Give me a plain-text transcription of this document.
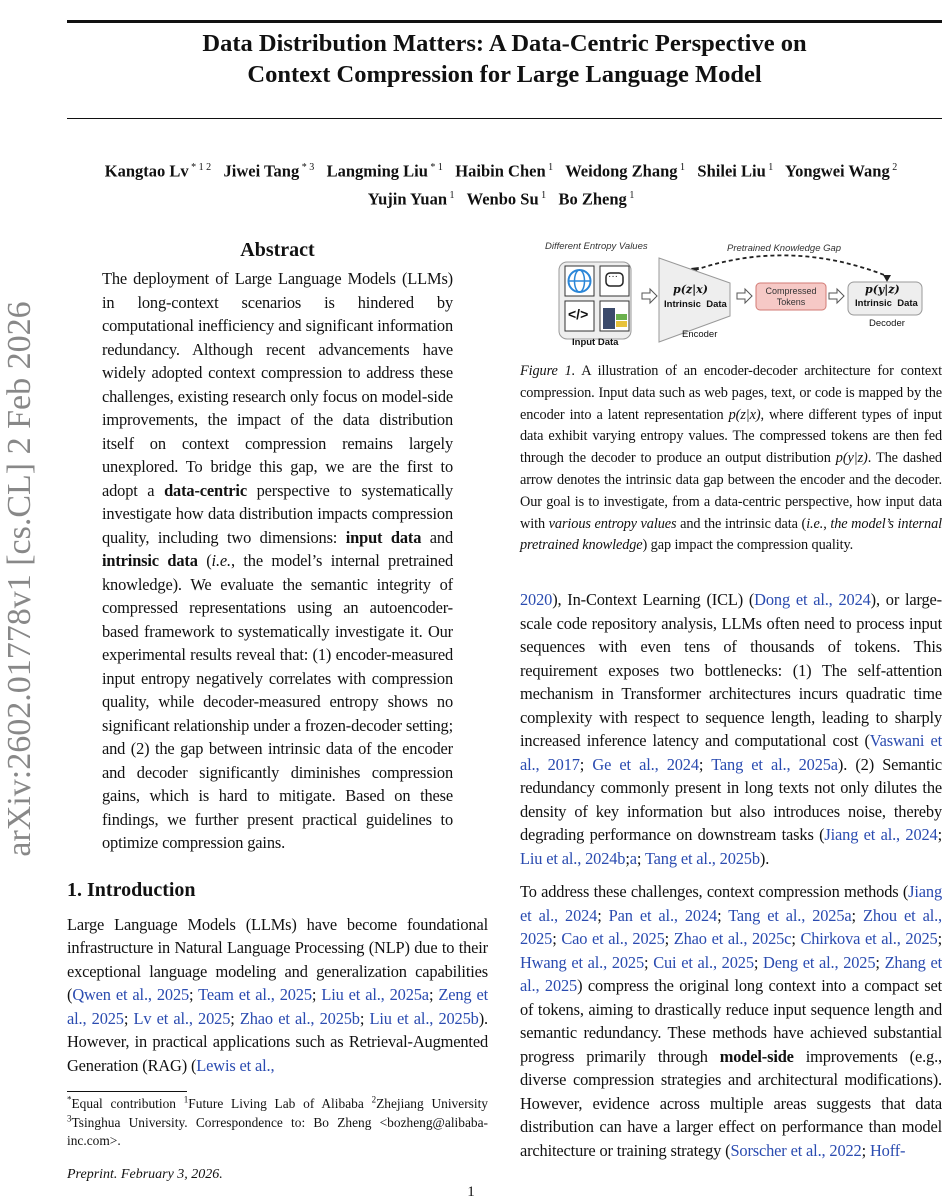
Data Distribution Matters: A Data-Centric Perspective on
Context Compression for Large Language Model
Kangtao Lv $^{* 1 2}$ Jiwei Tang $^{* 3}$ Langming Liu $^{* 1}$ Haibin Chen $^1$ Weidong Zhang $^1$ Shilei Liu $^1$ Yongwei Wang $^2$
Yujin Yuan $^1$ Wenbo Su $^1$ Bo Zheng $^1$
arXiv:2602.01778v1 [cs.CL] 2 Feb 2026
Abstract

The deployment of Large Language Models (LLMs) in long-context scenarios is hindered by computational inefficiency and significant information redundancy. Although recent advancements have widely adopted context compression to address these challenges, existing research only focus on model-side improvements, the impact of the data distribution itself on context compression remains largely unexplored. To bridge this gap, we are the first to adopt a data-centric perspective to systematically investigate how data distribution impacts compression quality, including two dimensions: input data and intrinsic data (i.e., the model’s internal pretrained knowledge). We evaluate the semantic integrity of compressed representations using an autoencoder-based framework to systematically investigate it. Our experimental results reveal that: (1) encoder-measured input entropy negatively correlates with compression quality, while decoder-measured entropy shows no significant relationship under a frozen-decoder setting; and (2) the gap between intrinsic data of the encoder and decoder significantly diminishes compression gains, which is hard to mitigate. Based on these findings, we further present practical guidelines to optimize compression gains.

1. Introduction

Large Language Models (LLMs) have become foundational infrastructure in Natural Language Processing (NLP) due to their exceptional language modeling and generalization capabilities (Qwen et al., 2025; Team et al., 2025; Liu et al., 2025a; Zeng et al., 2025; Lv et al., 2025; Zhao et al., 2025b; Liu et al., 2025b). However, in practical applications such as Retrieval-Augmented Generation (RAG) (Lewis et al.,

*Equal contribution $^1$Future Living Lab of Alibaba $^2$Zhejiang University $^3$Tsinghua University. Correspondence to: Bo Zheng <bozheng@alibaba-inc.com>.
Preprint. February 3, 2026.
Different Entropy Values	Pretrained Knowledge Gap
···
</>
Input Data
p(z|x)
Intrinsic  Data
Encoder
Compressed
Tokens
p(y|z)
Intrinsic  Data
Decoder
Figure 1. A illustration of an encoder-decoder architecture for context compression. Input data such as web pages, text, or code is mapped by the encoder into a latent representation p(z|x), where different types of input data exhibit varying entropy values. The compressed tokens are then fed through the decoder to produce an output distribution p(y|z). The dashed arrow denotes the intrinsic data gap between the encoder and the decoder. Our goal is to investigate, from a data-centric perspective, how input data with various entropy values and the intrinsic data (i.e., the model’s internal pretrained knowledge) gap impact the compression quality.

2020), In-Context Learning (ICL) (Dong et al., 2024), or large-scale code repository analysis, LLMs often need to process input sequences with even tens of thousands of tokens. This requirement exposes two bottlenecks: (1) The self-attention mechanism in Transformer architectures incurs quadratic time complexity with respect to sequence length, leading to sharply increased inference latency and computational cost (Vaswani et al., 2017; Ge et al., 2024; Tang et al., 2025a). (2) Semantic redundancy commonly present in long texts not only dilutes the density of key information but also introduces noise, thereby degrading performance on downstream tasks (Jiang et al., 2024; Liu et al., 2024b;a; Tang et al., 2025b).

To address these challenges, context compression methods (Jiang et al., 2024; Pan et al., 2024; Tang et al., 2025a; Zhou et al., 2025; Cao et al., 2025; Zhao et al., 2025c; Chirkova et al., 2025; Hwang et al., 2025; Cui et al., 2025; Deng et al., 2025; Zhang et al., 2025) compress the original long context into a compact set of tokens, aiming to drastically reduce input sequence length and semantic redundancy. These methods have achieved substantial progress primarily through model-side improvements (e.g., diverse compression strategies and architectural modifications). However, evidence across multiple areas suggests that data distribution can have a larger effect on performance than model architecture or training strategy (Sorscher et al., 2022; Hoff-

1
